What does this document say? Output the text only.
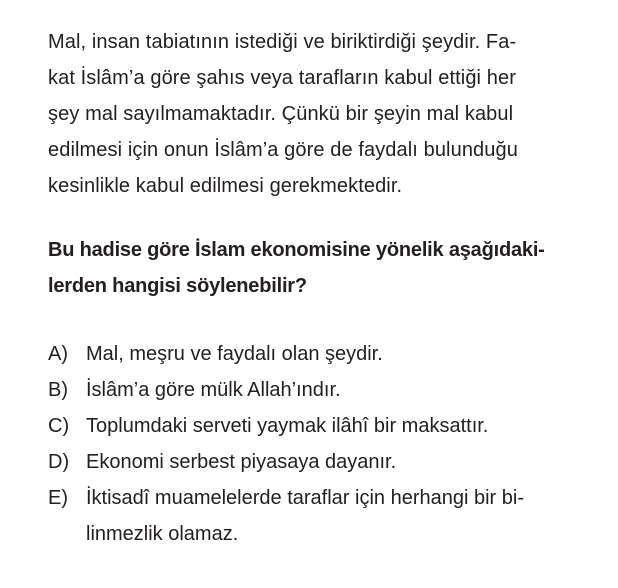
Mal, insan tabiatının istediği ve biriktirdiği şeydir. Fa-
kat İslâm’a göre şahıs veya tarafların kabul ettiği her
şey mal sayılmamaktadır. Çünkü bir şeyin mal kabul
edilmesi için onun İslâm’a göre de faydalı bulunduğu
kesinlikle kabul edilmesi gerekmektedir.

Bu hadise göre İslam ekonomisine yönelik aşağıdaki-
lerden hangisi söylenebilir?

A) Mal, meşru ve faydalı olan şeydir.
B) İslâm’a göre mülk Allah’ındır.
C) Toplumdaki serveti yaymak ilâhî bir maksattır.
D) Ekonomi serbest piyasaya dayanır.
E) İktisadî muamelelerde taraflar için herhangi bir bi-
linmezlik olamaz.
